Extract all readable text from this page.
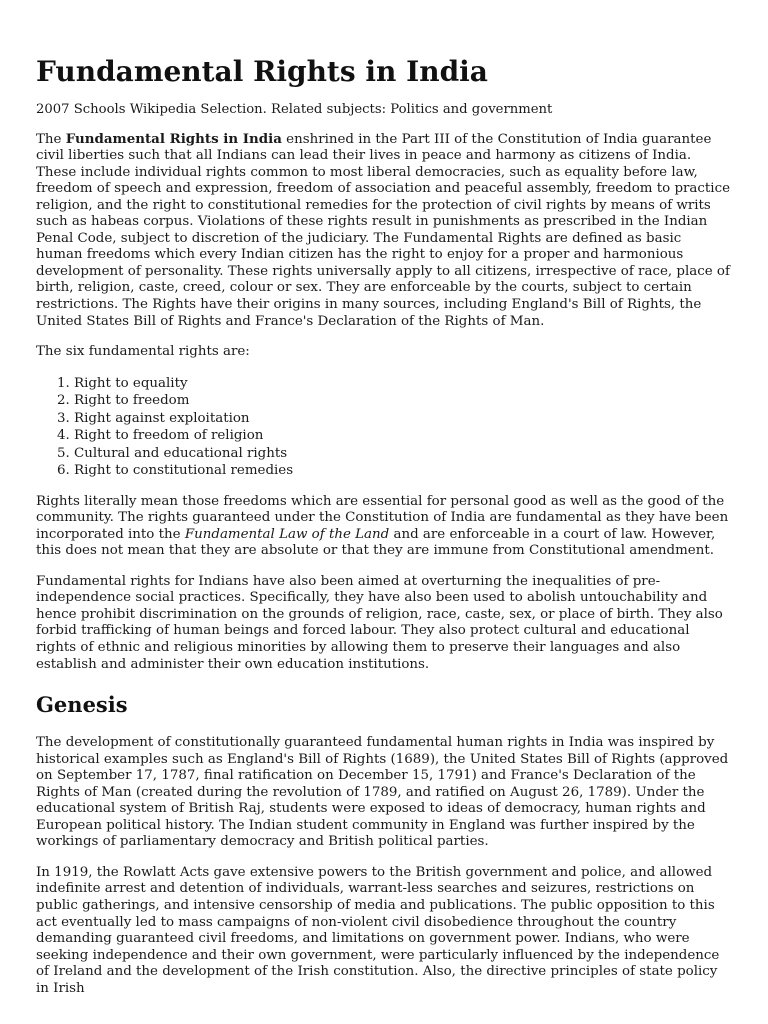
Fundamental Rights in India
2007 Schools Wikipedia Selection. Related subjects: Politics and government

The Fundamental Rights in India enshrined in the Part III of the Constitution of India guarantee civil liberties such that all Indians can lead their lives in peace and harmony as citizens of India. These include individual rights common to most liberal democracies, such as equality before law, freedom of speech and expression, freedom of association and peaceful assembly, freedom to practice religion, and the right to constitutional remedies for the protection of civil rights by means of writs such as habeas corpus. Violations of these rights result in punishments as prescribed in the Indian Penal Code, subject to discretion of the judiciary. The Fundamental Rights are defined as basic human freedoms which every Indian citizen has the right to enjoy for a proper and harmonious development of personality. These rights universally apply to all citizens, irrespective of race, place of birth, religion, caste, creed, colour or sex. They are enforceable by the courts, subject to certain restrictions. The Rights have their origins in many sources, including England's Bill of Rights, the United States Bill of Rights and France's Declaration of the Rights of Man.

The six fundamental rights are:

1. Right to equality
2. Right to freedom
3. Right against exploitation
4. Right to freedom of religion
5. Cultural and educational rights
6. Right to constitutional remedies

Rights literally mean those freedoms which are essential for personal good as well as the good of the community. The rights guaranteed under the Constitution of India are fundamental as they have been incorporated into the Fundamental Law of the Land and are enforceable in a court of law. However, this does not mean that they are absolute or that they are immune from Constitutional amendment.

Fundamental rights for Indians have also been aimed at overturning the inequalities of pre-independence social practices. Specifically, they have also been used to abolish untouchability and hence prohibit discrimination on the grounds of religion, race, caste, sex, or place of birth. They also forbid trafficking of human beings and forced labour. They also protect cultural and educational rights of ethnic and religious minorities by allowing them to preserve their languages and also establish and administer their own education institutions.

Genesis

The development of constitutionally guaranteed fundamental human rights in India was inspired by historical examples such as England's Bill of Rights (1689), the United States Bill of Rights (approved on September 17, 1787, final ratification on December 15, 1791) and France's Declaration of the Rights of Man (created during the revolution of 1789, and ratified on August 26, 1789). Under the educational system of British Raj, students were exposed to ideas of democracy, human rights and European political history. The Indian student community in England was further inspired by the workings of parliamentary democracy and British political parties.

In 1919, the Rowlatt Acts gave extensive powers to the British government and police, and allowed indefinite arrest and detention of individuals, warrant-less searches and seizures, restrictions on public gatherings, and intensive censorship of media and publications. The public opposition to this act eventually led to mass campaigns of non-violent civil disobedience throughout the country demanding guaranteed civil freedoms, and limitations on government power. Indians, who were seeking independence and their own government, were particularly influenced by the independence of Ireland and the development of the Irish constitution. Also, the directive principles of state policy in Irish
